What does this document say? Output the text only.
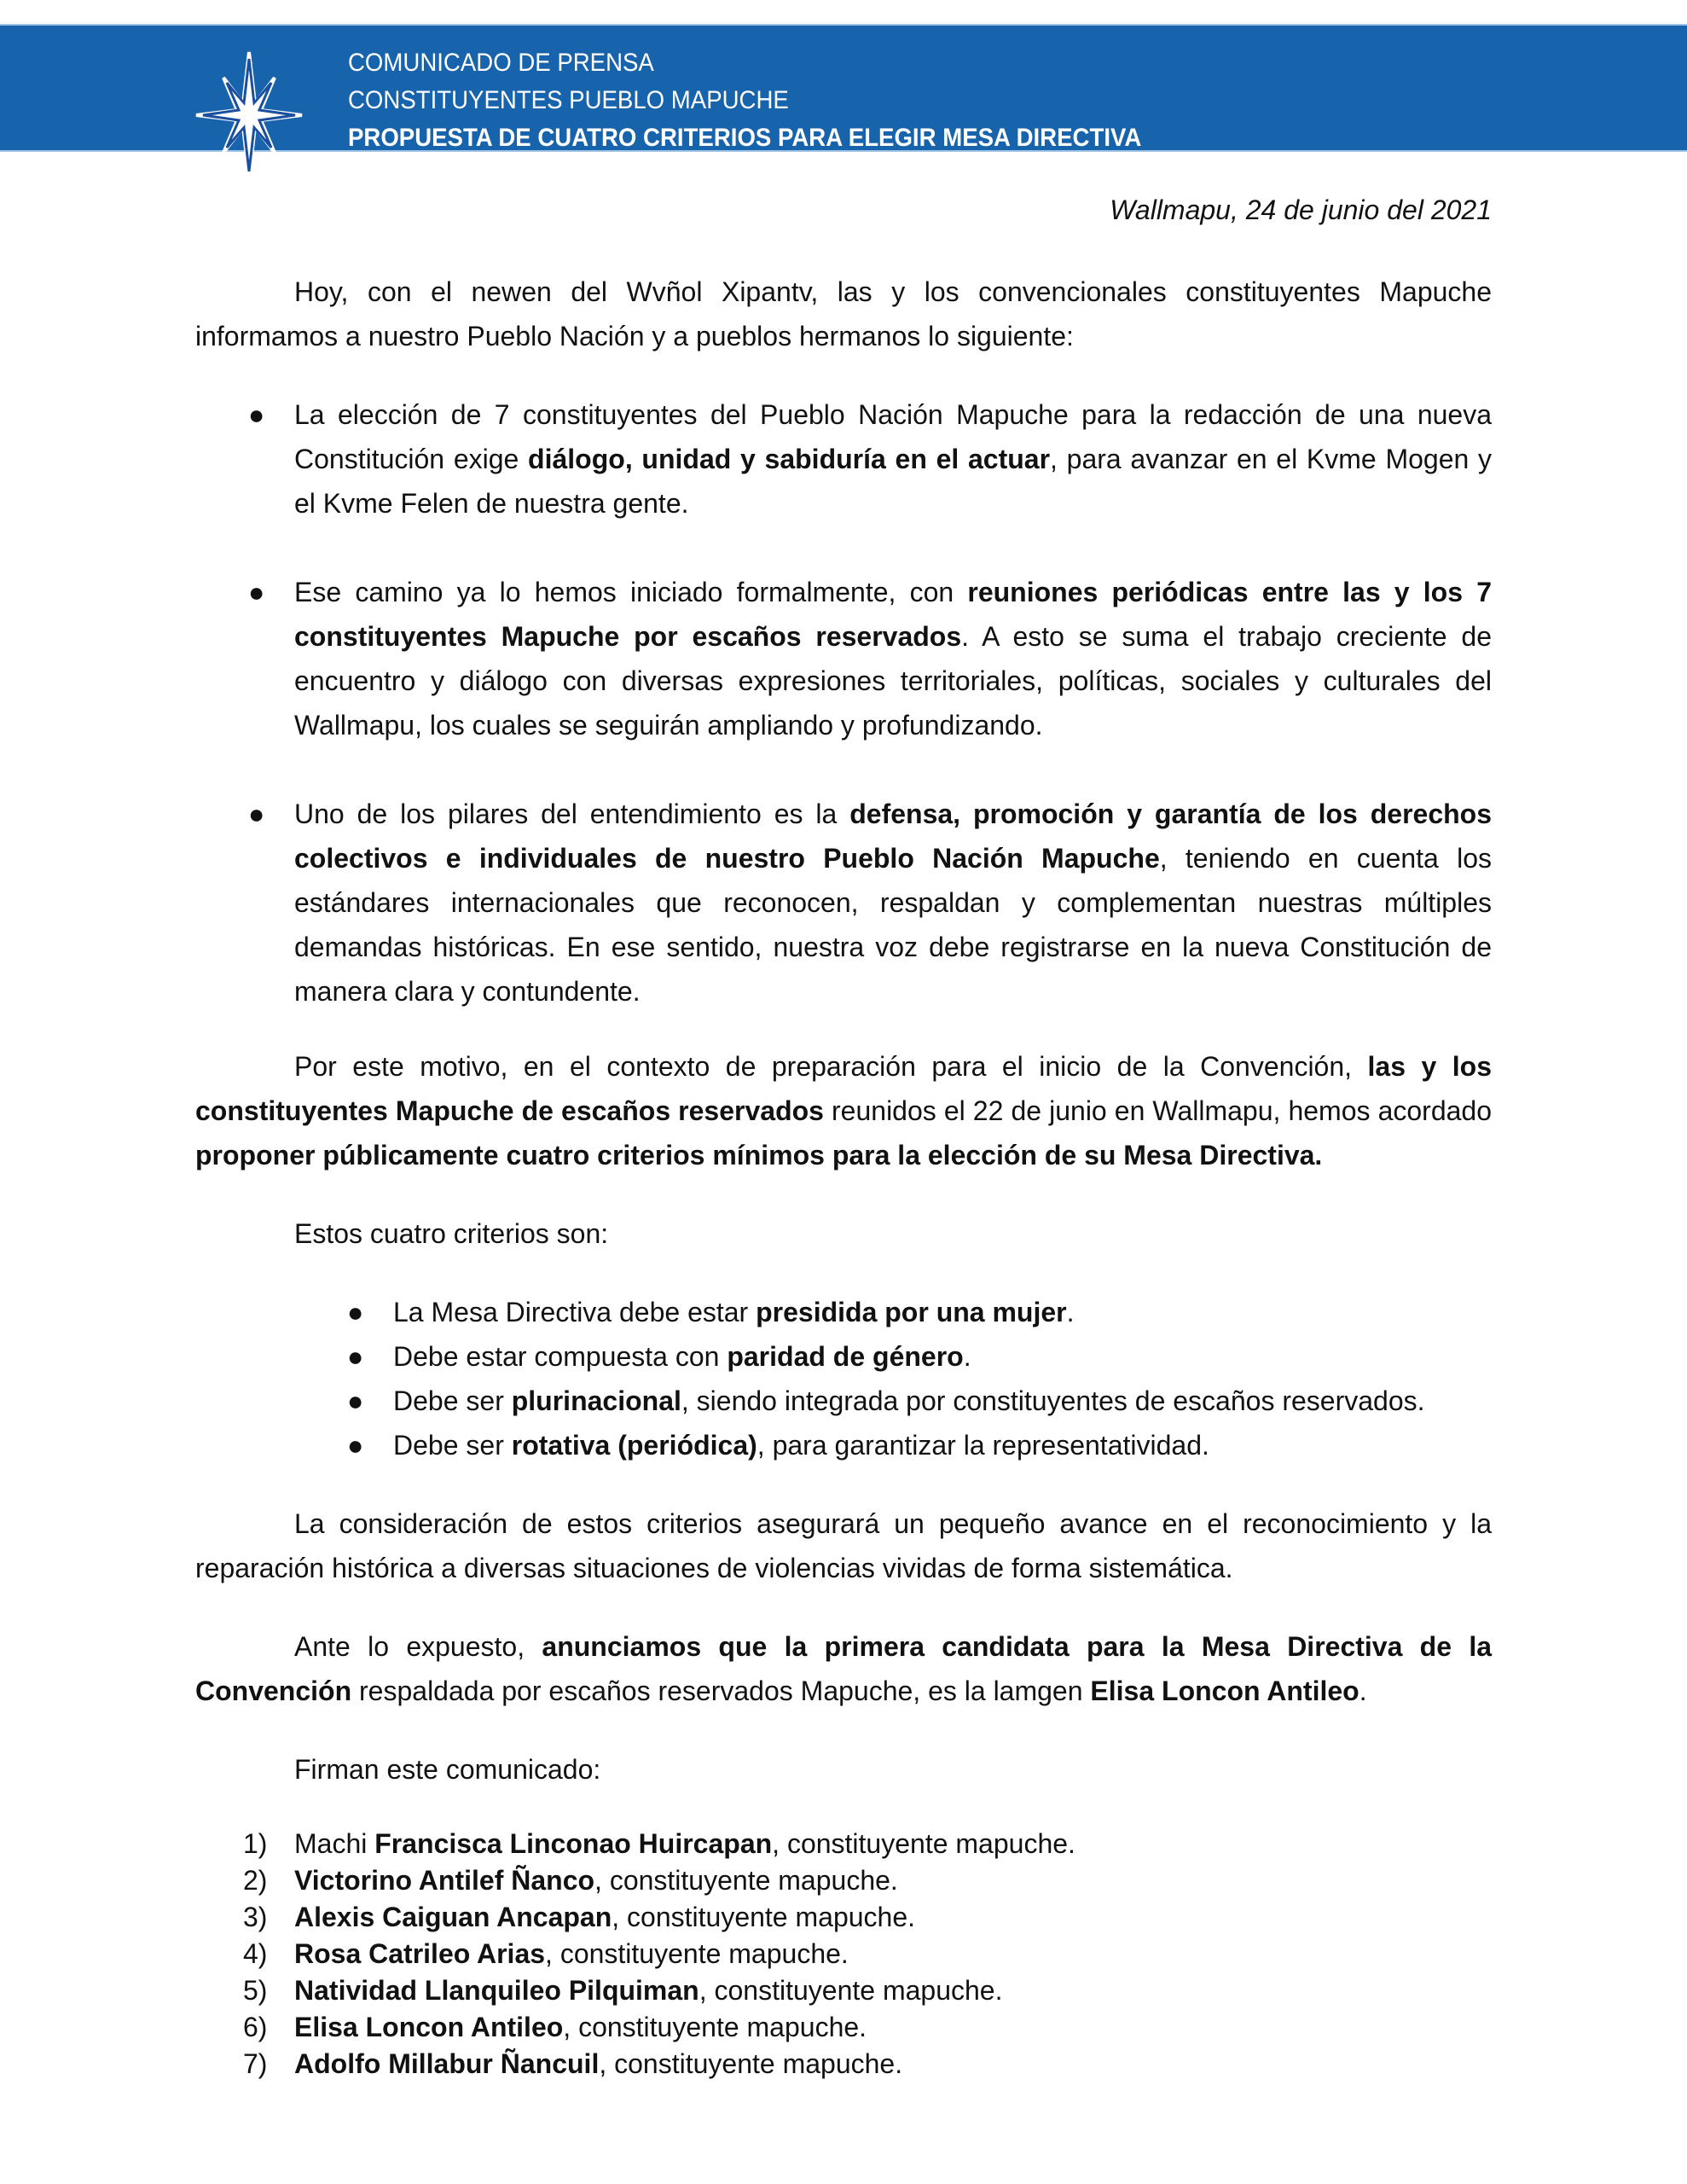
COMUNICADO DE PRENSA
CONSTITUYENTES PUEBLO MAPUCHE
PROPUESTA DE CUATRO CRITERIOS PARA ELEGIR MESA DIRECTIVA
Wallmapu, 24 de junio del 2021

Hoy, con el newen del Wvñol Xipantv, las y los convencionales constituyentes Mapuche informamos a nuestro Pueblo Nación y a pueblos hermanos lo siguiente:

● La elección de 7 constituyentes del Pueblo Nación Mapuche para la redacción de una nueva Constitución exige diálogo, unidad y sabiduría en el actuar, para avanzar en el Kvme Mogen y el Kvme Felen de nuestra gente.
● Ese camino ya lo hemos iniciado formalmente, con reuniones periódicas entre las y los 7 constituyentes Mapuche por escaños reservados. A esto se suma el trabajo creciente de encuentro y diálogo con diversas expresiones territoriales, políticas, sociales y culturales del Wallmapu, los cuales se seguirán ampliando y profundizando.
● Uno de los pilares del entendimiento es la defensa, promoción y garantía de los derechos colectivos e individuales de nuestro Pueblo Nación Mapuche, teniendo en cuenta los estándares internacionales que reconocen, respaldan y complementan nuestras múltiples demandas históricas. En ese sentido, nuestra voz debe registrarse en la nueva Constitución de manera clara y contundente.

Por este motivo, en el contexto de preparación para el inicio de la Convención, las y los constituyentes Mapuche de escaños reservados reunidos el 22 de junio en Wallmapu, hemos acordado proponer públicamente cuatro criterios mínimos para la elección de su Mesa Directiva.

Estos cuatro criterios son:

● La Mesa Directiva debe estar presidida por una mujer.
● Debe estar compuesta con paridad de género.
● Debe ser plurinacional, siendo integrada por constituyentes de escaños reservados.
● Debe ser rotativa (periódica), para garantizar la representatividad.

La consideración de estos criterios asegurará un pequeño avance en el reconocimiento y la reparación histórica a diversas situaciones de violencias vividas de forma sistemática.

Ante lo expuesto, anunciamos que la primera candidata para la Mesa Directiva de la Convención respaldada por escaños reservados Mapuche, es la lamgen Elisa Loncon Antileo.

Firman este comunicado:

1) Machi Francisca Linconao Huircapan, constituyente mapuche.
2) Victorino Antilef Ñanco, constituyente mapuche.
3) Alexis Caiguan Ancapan, constituyente mapuche.
4) Rosa Catrileo Arias, constituyente mapuche.
5) Natividad Llanquileo Pilquiman, constituyente mapuche.
6) Elisa Loncon Antileo, constituyente mapuche.
7) Adolfo Millabur Ñancuil, constituyente mapuche.
